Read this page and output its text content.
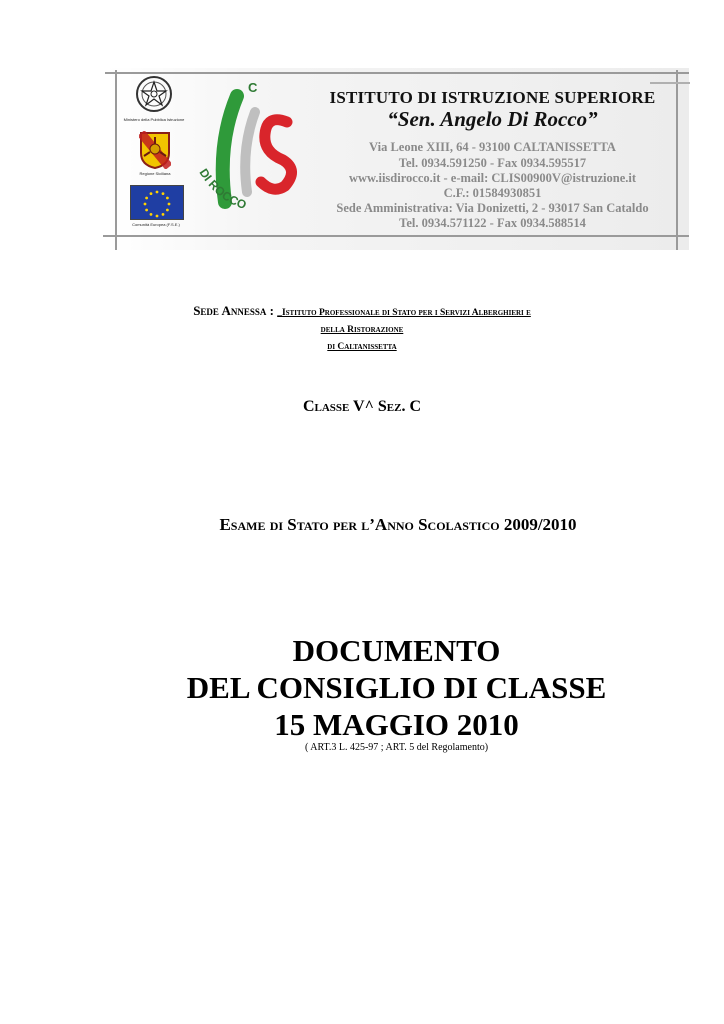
Ministero della Pubblica Istruzione
Regione Siciliana
Comunità Europea (F.S.E.)
C
DI ROCCO
ISTITUTO DI ISTRUZIONE SUPERIORE
“Sen. Angelo Di Rocco”
Via Leone XIII, 64 - 93100 CALTANISSETTA
Tel. 0934.591250 - Fax 0934.595517
www.iisdirocco.it - e-mail: CLIS00900V@istruzione.it
C.F.: 01584930851
Sede Amministrativa: Via Donizetti, 2 - 93017 San Cataldo
Tel. 0934.571122 - Fax 0934.588514
Sede Annessa : _Istituto Professionale di Stato per i Servizi Alberghieri e
della Ristorazione
di Caltanissetta
Classe V^ Sez. C
Esame di Stato per l’Anno Scolastico 2009/2010
DOCUMENTO
DEL CONSIGLIO DI CLASSE
15 MAGGIO 2010
( ART.3 L. 425-97 ; ART. 5 del Regolamento)
